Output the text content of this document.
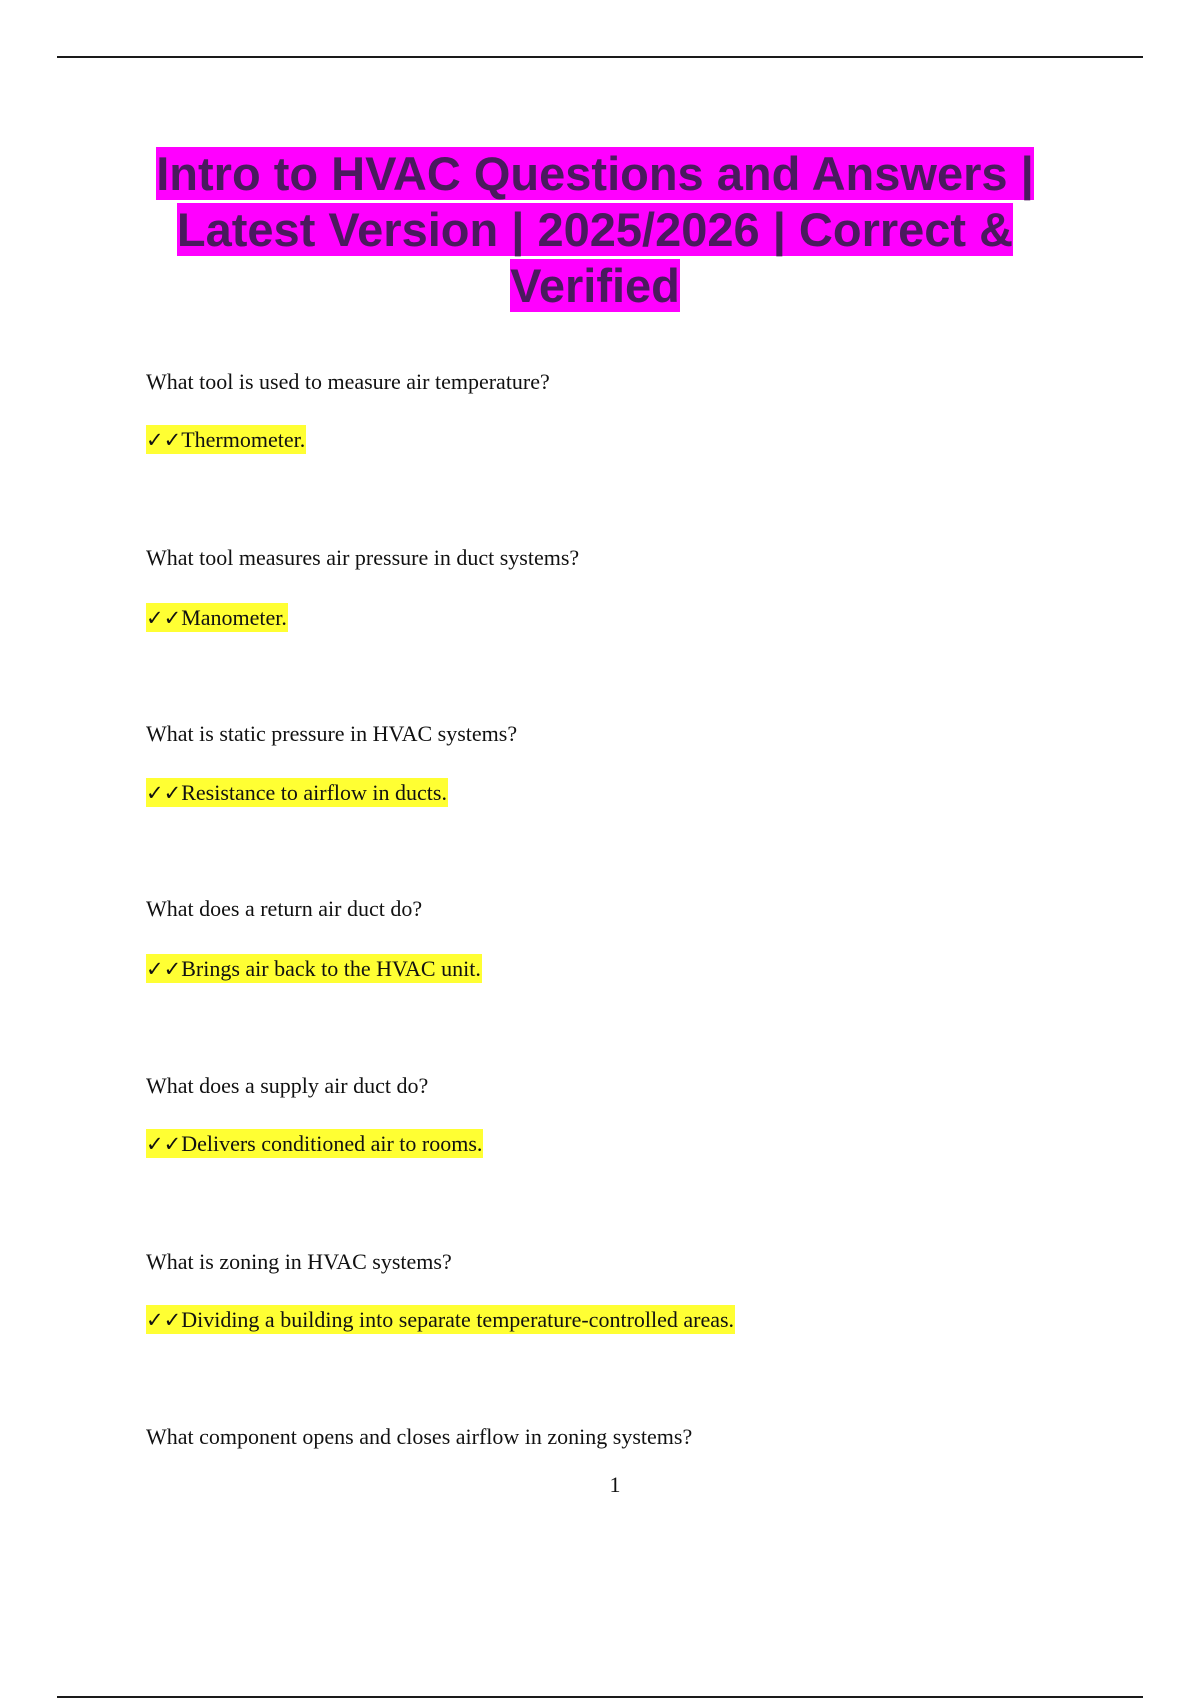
Intro to HVAC Questions and Answers | Latest Version | 2025/2026 | Correct & Verified

What tool is used to measure air temperature?

✓✓Thermometer.

What tool measures air pressure in duct systems?

✓✓Manometer.

What is static pressure in HVAC systems?

✓✓Resistance to airflow in ducts.

What does a return air duct do?

✓✓Brings air back to the HVAC unit.

What does a supply air duct do?

✓✓Delivers conditioned air to rooms.

What is zoning in HVAC systems?

✓✓Dividing a building into separate temperature-controlled areas.

What component opens and closes airflow in zoning systems?

1
